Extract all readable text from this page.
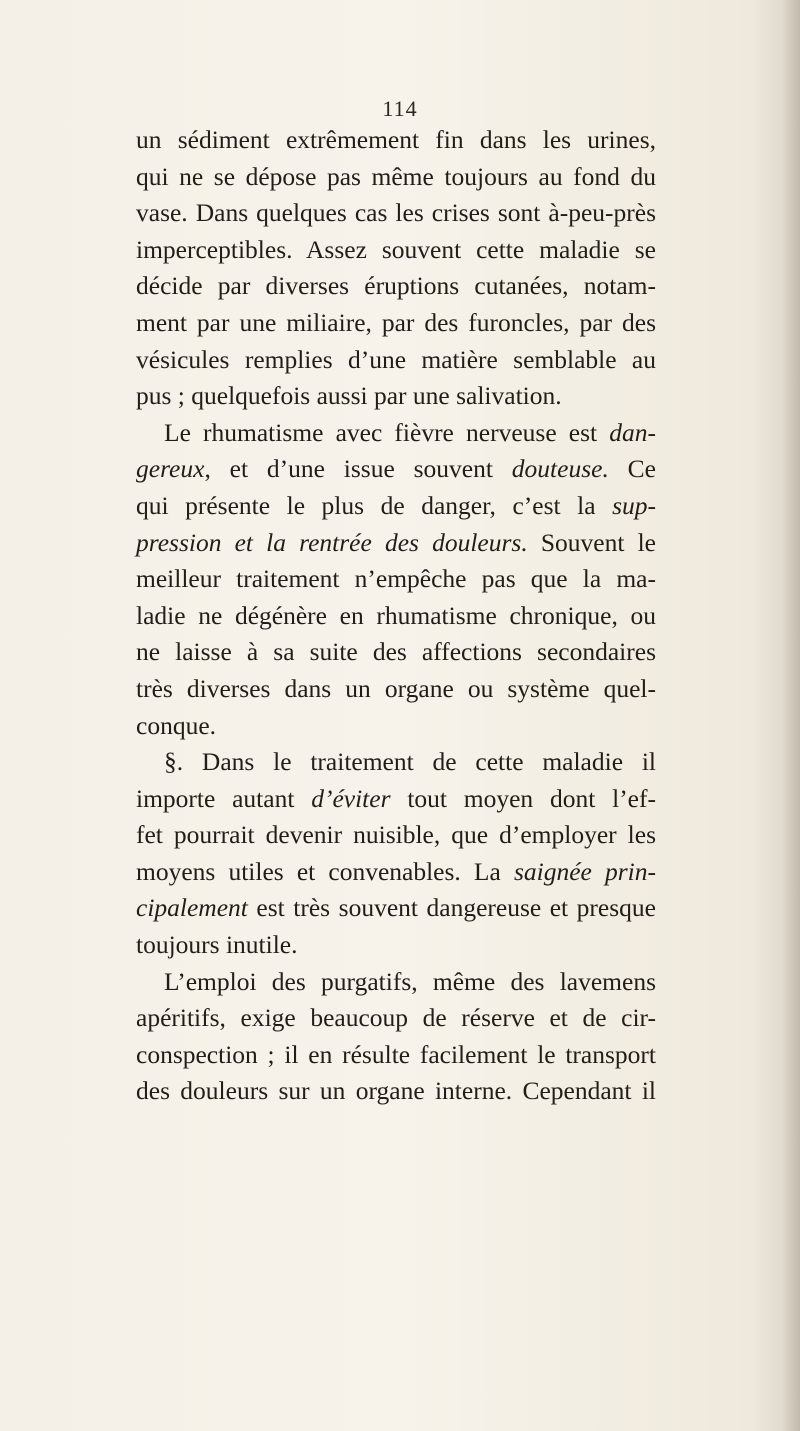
114
un sédiment extrêmement fin dans les urines,
qui ne se dépose pas même toujours au fond du
vase. Dans quelques cas les crises sont à-peu-près
imperceptibles. Assez souvent cette maladie se
décide par diverses éruptions cutanées, notam-
ment par une miliaire, par des furoncles, par des
vésicules remplies d’une matière semblable au
pus ; quelquefois aussi par une salivation.
Le rhumatisme avec fièvre nerveuse est dan-
gereux, et d’une issue souvent douteuse. Ce
qui présente le plus de danger, c’est la sup-
pression et la rentrée des douleurs. Souvent le
meilleur traitement n’empêche pas que la ma-
ladie ne dégénère en rhumatisme chronique, ou
ne laisse à sa suite des affections secondaires
très diverses dans un organe ou système quel-
conque.
§. Dans le traitement de cette maladie il
importe autant d’éviter tout moyen dont l’ef-
fet pourrait devenir nuisible, que d’employer les
moyens utiles et convenables. La saignée prin-
cipalement est très souvent dangereuse et presque
toujours inutile.
L’emploi des purgatifs, même des lavemens
apéritifs, exige beaucoup de réserve et de cir-
conspection ; il en résulte facilement le transport
des douleurs sur un organe interne. Cependant il
